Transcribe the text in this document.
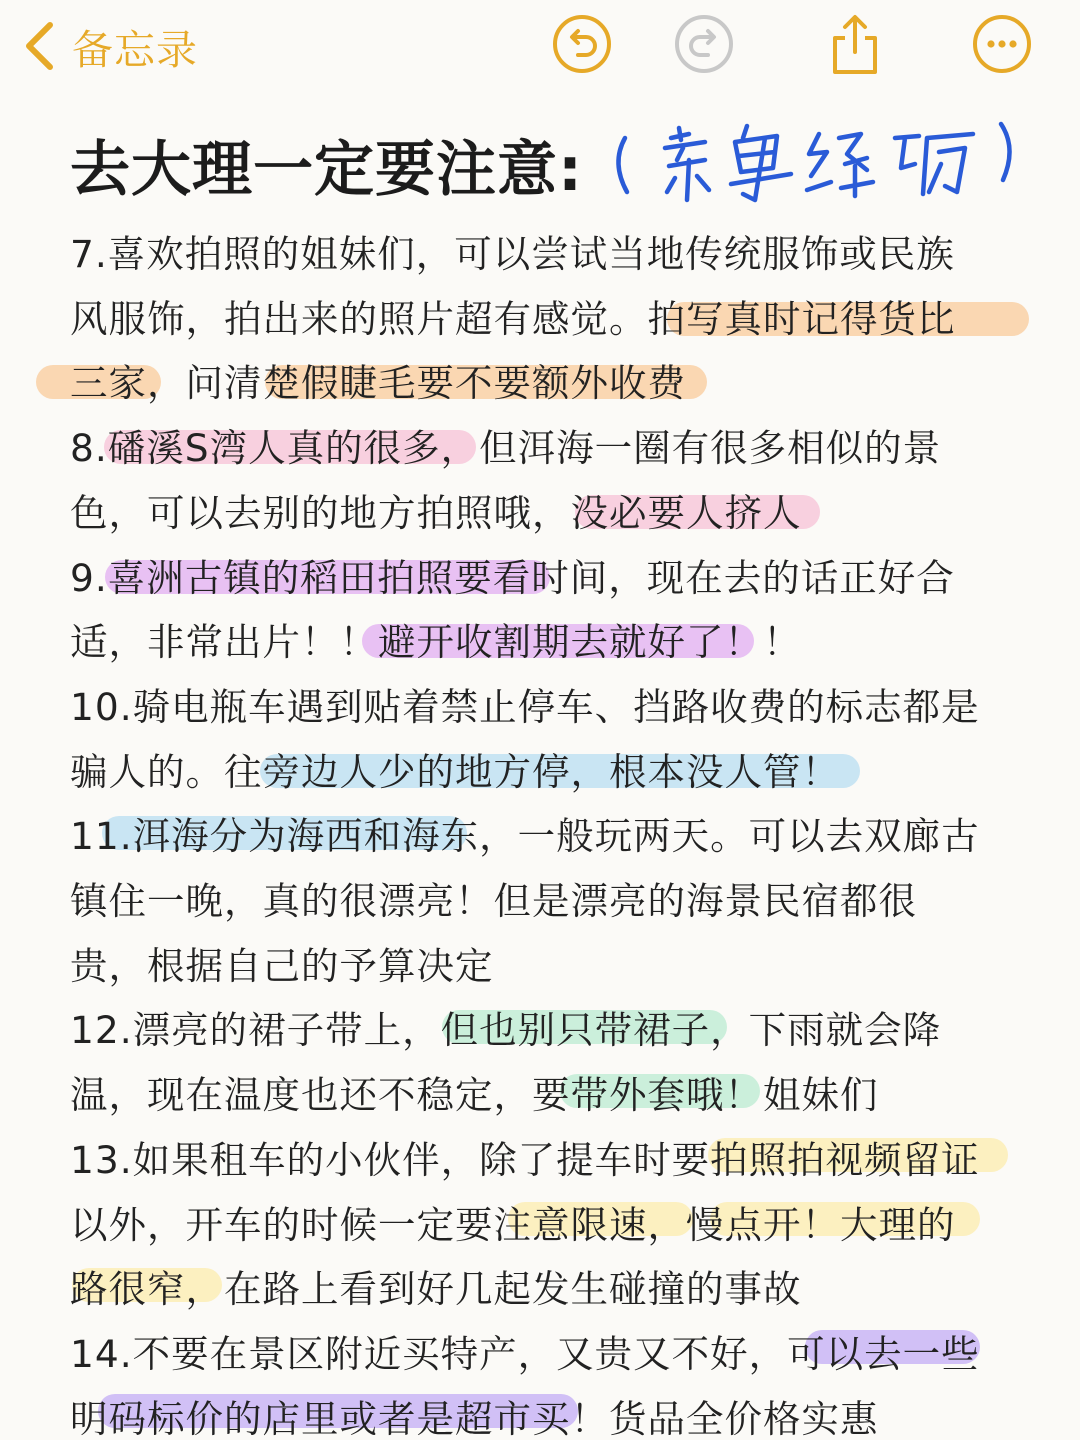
备忘录
去大理一定要注意:
7.喜欢拍照的姐妹们，可以尝试当地传统服饰或民族
风服饰，拍出来的照片超有感觉。拍写真时记得货比
三家，问清楚假睫毛要不要额外收费
8.磻溪S湾人真的很多，但洱海一圈有很多相似的景
色，可以去别的地方拍照哦，没必要人挤人
9.喜洲古镇的稻田拍照要看时间，现在去的话正好合
适，非常出片！！避开收割期去就好了！！
10.骑电瓶车遇到贴着禁止停车、挡路收费的标志都是
骗人的。往旁边人少的地方停，根本没人管！
11.洱海分为海西和海东，一般玩两天。可以去双廊古
镇住一晚，真的很漂亮！但是漂亮的海景民宿都很
贵，根据自己的予算决定
12.漂亮的裙子带上，但也别只带裙子，下雨就会降
温，现在温度也还不稳定，要带外套哦！姐妹们
13.如果租车的小伙伴，除了提车时要拍照拍视频留证
以外，开车的时候一定要注意限速，慢点开！大理的
路很窄，在路上看到好几起发生碰撞的事故
14.不要在景区附近买特产，又贵又不好，可以去一些
明码标价的店里或者是超市买！货品全价格实惠
